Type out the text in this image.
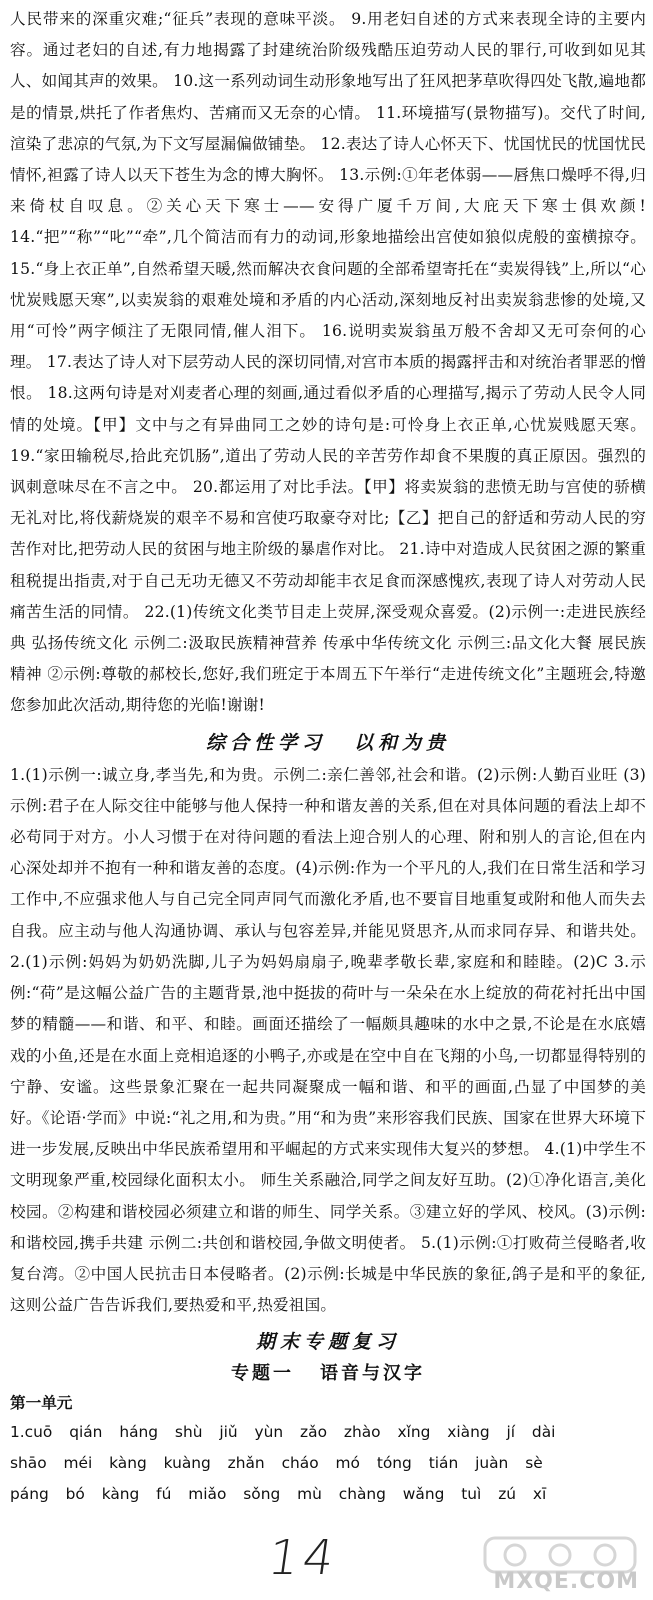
人民带来的深重灾难;“征兵”表现的意味平淡。 9.用老妇自述的方式来表现全诗的主要内容。通过老妇的自述,有力地揭露了封建统治阶级残酷压迫劳动人民的罪行,可收到如见其人、如闻其声的效果。 10.这一系列动词生动形象地写出了狂风把茅草吹得四处飞散,遍地都是的情景,烘托了作者焦灼、苦痛而又无奈的心情。 11.环境描写(景物描写)。交代了时间,渲染了悲凉的气氛,为下文写屋漏偏做铺垫。 12.表达了诗人心怀天下、忧国忧民的忧国忧民情怀,袒露了诗人以天下苍生为念的博大胸怀。 13.示例:①年老体弱——唇焦口燥呼不得,归来倚杖自叹息。②关心天下寒士——安得广厦千万间,大庇天下寒士俱欢颜! 14.“把”“称”“叱”“牵”,几个简洁而有力的动词,形象地描绘出宫使如狼似虎般的蛮横掠夺。 15.“身上衣正单”,自然希望天暖,然而解决衣食问题的全部希望寄托在“卖炭得钱”上,所以“心忧炭贱愿天寒”,以卖炭翁的艰难处境和矛盾的内心活动,深刻地反衬出卖炭翁悲惨的处境,又用“可怜”两字倾注了无限同情,催人泪下。 16.说明卖炭翁虽万般不舍却又无可奈何的心理。 17.表达了诗人对下层劳动人民的深切同情,对宫市本质的揭露抨击和对统治者罪恶的憎恨。 18.这两句诗是对刈麦者心理的刻画,通过看似矛盾的心理描写,揭示了劳动人民令人同情的处境。【甲】文中与之有异曲同工之妙的诗句是:可怜身上衣正单,心忧炭贱愿天寒。 19.“家田输税尽,拾此充饥肠”,道出了劳动人民的辛苦劳作却食不果腹的真正原因。强烈的讽刺意味尽在不言之中。 20.都运用了对比手法。【甲】将卖炭翁的悲愤无助与宫使的骄横无礼对比,将伐薪烧炭的艰辛不易和宫使巧取豪夺对比;【乙】把自己的舒适和劳动人民的穷苦作对比,把劳动人民的贫困与地主阶级的暴虐作对比。 21.诗中对造成人民贫困之源的繁重租税提出指责,对于自己无功无德又不劳动却能丰衣足食而深感愧疚,表现了诗人对劳动人民痛苦生活的同情。 22.(1)传统文化类节目走上荧屏,深受观众喜爱。(2)示例一:走进民族经典 弘扬传统文化 示例二:汲取民族精神营养 传承中华传统文化 示例三:品文化大餐 展民族精神 ②示例:尊敬的郝校长,您好,我们班定于本周五下午举行“走进传统文化”主题班会,特邀您参加此次活动,期待您的光临!谢谢!

综合性学习 以和为贵

1.(1)示例一:诚立身,孝当先,和为贵。示例二:亲仁善邻,社会和谐。(2)示例:人勤百业旺 (3)示例:君子在人际交往中能够与他人保持一种和谐友善的关系,但在对具体问题的看法上却不必苟同于对方。小人习惯于在对待问题的看法上迎合别人的心理、附和别人的言论,但在内心深处却并不抱有一种和谐友善的态度。(4)示例:作为一个平凡的人,我们在日常生活和学习工作中,不应强求他人与自己完全同声同气而激化矛盾,也不要盲目地重复或附和他人而失去自我。应主动与他人沟通协调、承认与包容差异,并能见贤思齐,从而求同存异、和谐共处。 2.(1)示例:妈妈为奶奶洗脚,儿子为妈妈扇扇子,晚辈孝敬长辈,家庭和和睦睦。(2)C 3.示例:“荷”是这幅公益广告的主题背景,池中挺拔的荷叶与一朵朵在水上绽放的荷花衬托出中国梦的精髓——和谐、和平、和睦。画面还描绘了一幅颇具趣味的水中之景,不论是在水底嬉戏的小鱼,还是在水面上竞相追逐的小鸭子,亦或是在空中自在飞翔的小鸟,一切都显得特别的宁静、安谧。这些景象汇聚在一起共同凝聚成一幅和谐、和平的画面,凸显了中国梦的美好。《论语·学而》中说:“礼之用,和为贵。”用“和为贵”来形容我们民族、国家在世界大环境下进一步发展,反映出中华民族希望用和平崛起的方式来实现伟大复兴的梦想。 4.(1)中学生不文明现象严重,校园绿化面积太小。 师生关系融洽,同学之间友好互助。(2)①净化语言,美化校园。②构建和谐校园必须建立和谐的师生、同学关系。③建立好的学风、校风。(3)示例:和谐校园,携手共建 示例二:共创和谐校园,争做文明使者。 5.(1)示例:①打败荷兰侵略者,收复台湾。②中国人民抗击日本侵略者。(2)示例:长城是中华民族的象征,鸽子是和平的象征,这则公益广告告诉我们,要热爱和平,热爱祖国。

期末专题复习
专题一 语音与汉字
第一单元

1.cuō qián háng shù jiǔ yùn zǎo zhào xǐng xiàng jí dài

shāo méi kàng kuàng zhǎn cháo mó tóng tián juàn sè

páng bó kàng fú miǎo sǒng mù chàng wǎng tuì zú xī

14	MXQE.COM
